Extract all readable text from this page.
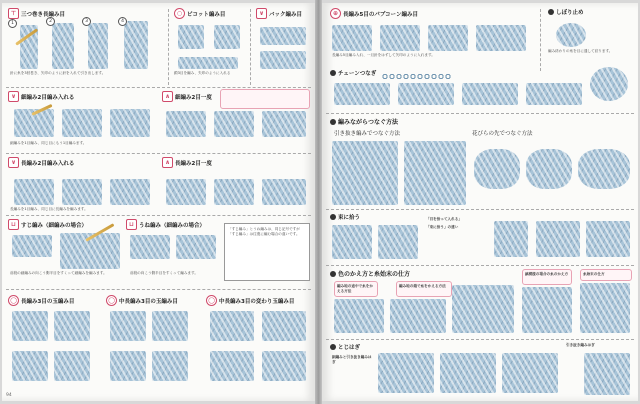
⊤ 三つ巻き長編み目
1	2	3	4
針に糸を3回巻き、矢印のように針を入れて引き出します。
○ ピコット編み目
鎖3目を編み、矢印のように入れる
∨ バック編み目
∨ 細編み2目編み入れる
細編みを1目編み、同じ目にもう1目編みます。
∧ 細編み2目一度
∨ 長編み2目編み入れる
長編みを1目編み、同じ目に長編みを編みます。
∧ 長編み2目一度
⊔ すじ編み（細編みの場合）
前段の細編みの向こう側半目をすくって細編みを編みます。
⊔ うね編み（細編みの場合）
前段の向こう側半目をすくって編みます。
「すじ編み」とうね編みは、同じ記号ですが「すじ編み」は往復に編む場合の違いです。
◯ 長編み3目の玉編み目	◯ 中長編み3目の玉編み目	◯ 中長編み3目の変わり玉編み目
94
⊕ 長編み5目のパプコーン編み目
長編み5目編み入れ、一旦針をはずして矢印のように入れます。
しぼり止め
編み終わりの糸を目に通して絞ります。
チェーンつなぎ
編みながらつなぐ方法
引き抜き編みでつなぐ方法	花びらの先でつなぐ方法
束に拾う	「目を拾って入れる」
「束に拾う」の違い
色のかえ方と糸始末の仕方
編み地の途中で糸をかえる方法
編み地の端で糸をかえる方法
縞模様の場合の糸のかえ方	糸始末の仕方
とじはぎ
細編みと引き抜き編みはぎ
引き抜き編みはぎ
